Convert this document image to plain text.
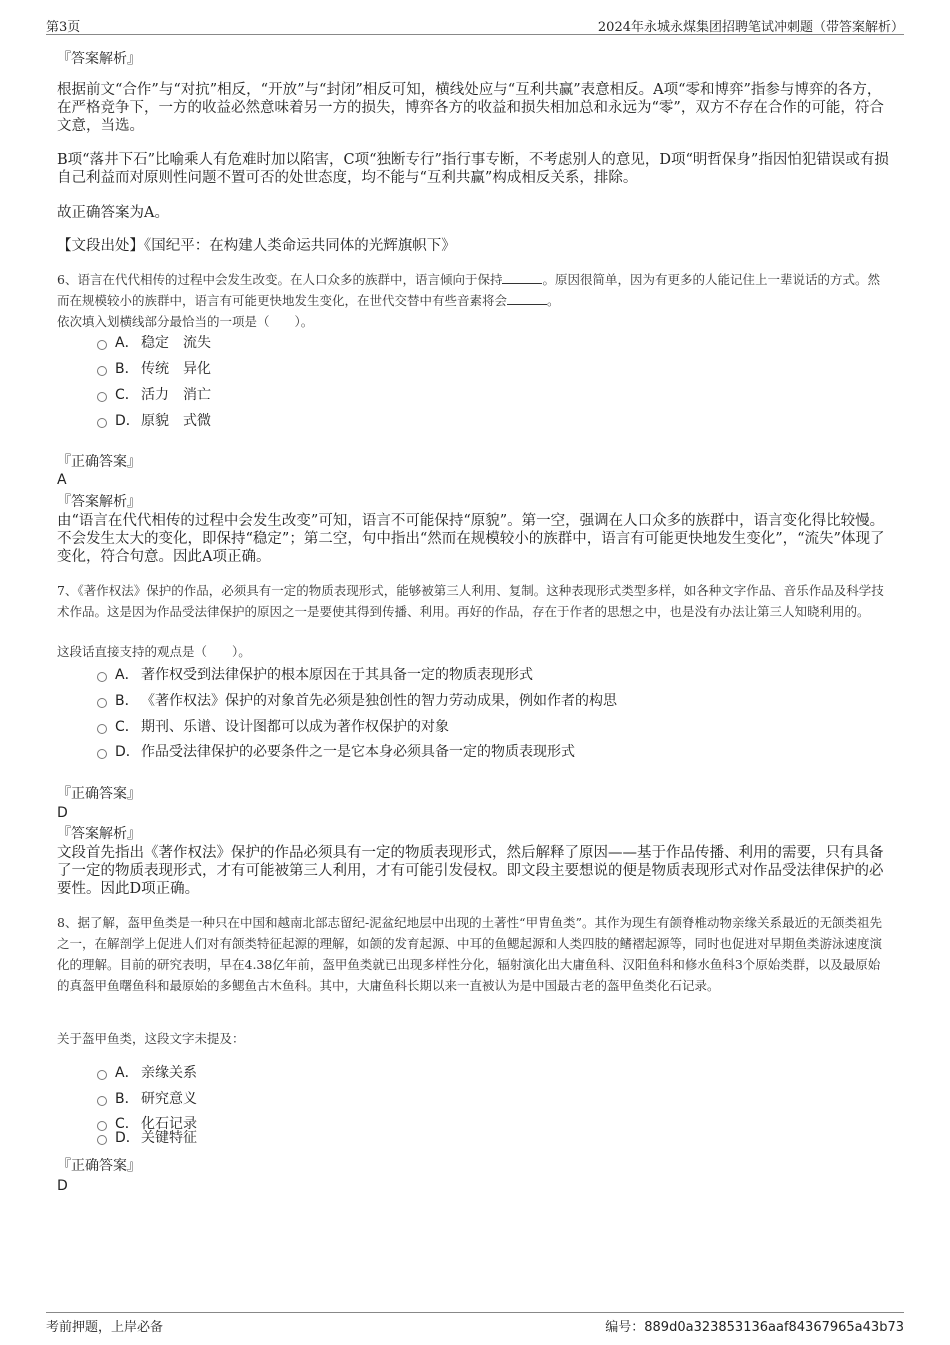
第3页	2024年永城永煤集团招聘笔试冲刺题（带答案解析）
『答案解析』
根据前文“合作”与“对抗”相反，“开放”与“封闭”相反可知，横线处应与“互利共赢”表意相反。A项“零和博弈”指参与博弈的各方，在严格竞争下，一方的收益必然意味着另一方的损失，博弈各方的收益和损失相加总和永远为“零”，双方不存在合作的可能，符合文意，当选。
B项“落井下石”比喻乘人有危难时加以陷害，C项“独断专行”指行事专断，不考虑别人的意见，D项“明哲保身”指因怕犯错误或有损自己利益而对原则性问题不置可否的处世态度，均不能与“互利共赢”构成相反关系，排除。
故正确答案为A。
【文段出处】《国纪平：在构建人类命运共同体的光辉旗帜下》
6、语言在代代相传的过程中会发生改变。在人口众多的族群中，语言倾向于保持	。原因很简单，因为有更多的人能记住上一辈说话的方式。然而在规模较小的族群中，语言有可能更快地发生变化，在世代交替中有些音素将会	。
依次填入划横线部分最恰当的一项是（　　）。
A． 稳定　流失
B． 传统　异化
C． 活力　消亡
D．原貌　式微
『正确答案』
A
『答案解析』
由“语言在代代相传的过程中会发生改变”可知，语言不可能保持“原貌”。第一空，强调在人口众多的族群中，语言变化得比较慢。不会发生太大的变化，即保持“稳定”；第二空，句中指出“然而在规模较小的族群中，语言有可能更快地发生变化”，“流失”体现了变化，符合句意。因此A项正确。
7、《著作权法》保护的作品，必须具有一定的物质表现形式，能够被第三人利用、复制。这种表现形式类型多样，如各种文字作品、音乐作品及科学技术作品。这是因为作品受法律保护的原因之一是要使其得到传播、利用。再好的作品，存在于作者的思想之中，也是没有办法让第三人知晓利用的。
这段话直接支持的观点是（　　）。
A． 著作权受到法律保护的根本原因在于其具备一定的物质表现形式
B． 《著作权法》保护的对象首先必须是独创性的智力劳动成果，例如作者的构思
C． 期刊、乐谱、设计图都可以成为著作权保护的对象
D．作品受法律保护的必要条件之一是它本身必须具备一定的物质表现形式
『正确答案』
D
『答案解析』
文段首先指出《著作权法》保护的作品必须具有一定的物质表现形式，然后解释了原因——基于作品传播、利用的需要，只有具备了一定的物质表现形式，才有可能被第三人利用，才有可能引发侵权。即文段主要想说的便是物质表现形式对作品受法律保护的必要性。因此D项正确。
8、据了解，盔甲鱼类是一种只在中国和越南北部志留纪-泥盆纪地层中出现的土著性“甲胄鱼类”。其作为现生有颌脊椎动物亲缘关系最近的无颌类祖先之一，在解剖学上促进人们对有颌类特征起源的理解，如颌的发育起源、中耳的鱼鳃起源和人类四肢的鳍褶起源等，同时也促进对早期鱼类游泳速度演化的理解。目前的研究表明，早在4.38亿年前，盔甲鱼类就已出现多样性分化，辐射演化出大庸鱼科、汉阳鱼科和修水鱼科3个原始类群，以及最原始的真盔甲鱼曙鱼科和最原始的多鳃鱼古木鱼科。其中，大庸鱼科长期以来一直被认为是中国最古老的盔甲鱼类化石记录。
关于盔甲鱼类，这段文字未提及：
A． 亲缘关系
B． 研究意义
C． 化石记录
D．关键特征
『正确答案』
D
考前押题，上岸必备	编号：889d0a323853136aaf84367965a43b73
